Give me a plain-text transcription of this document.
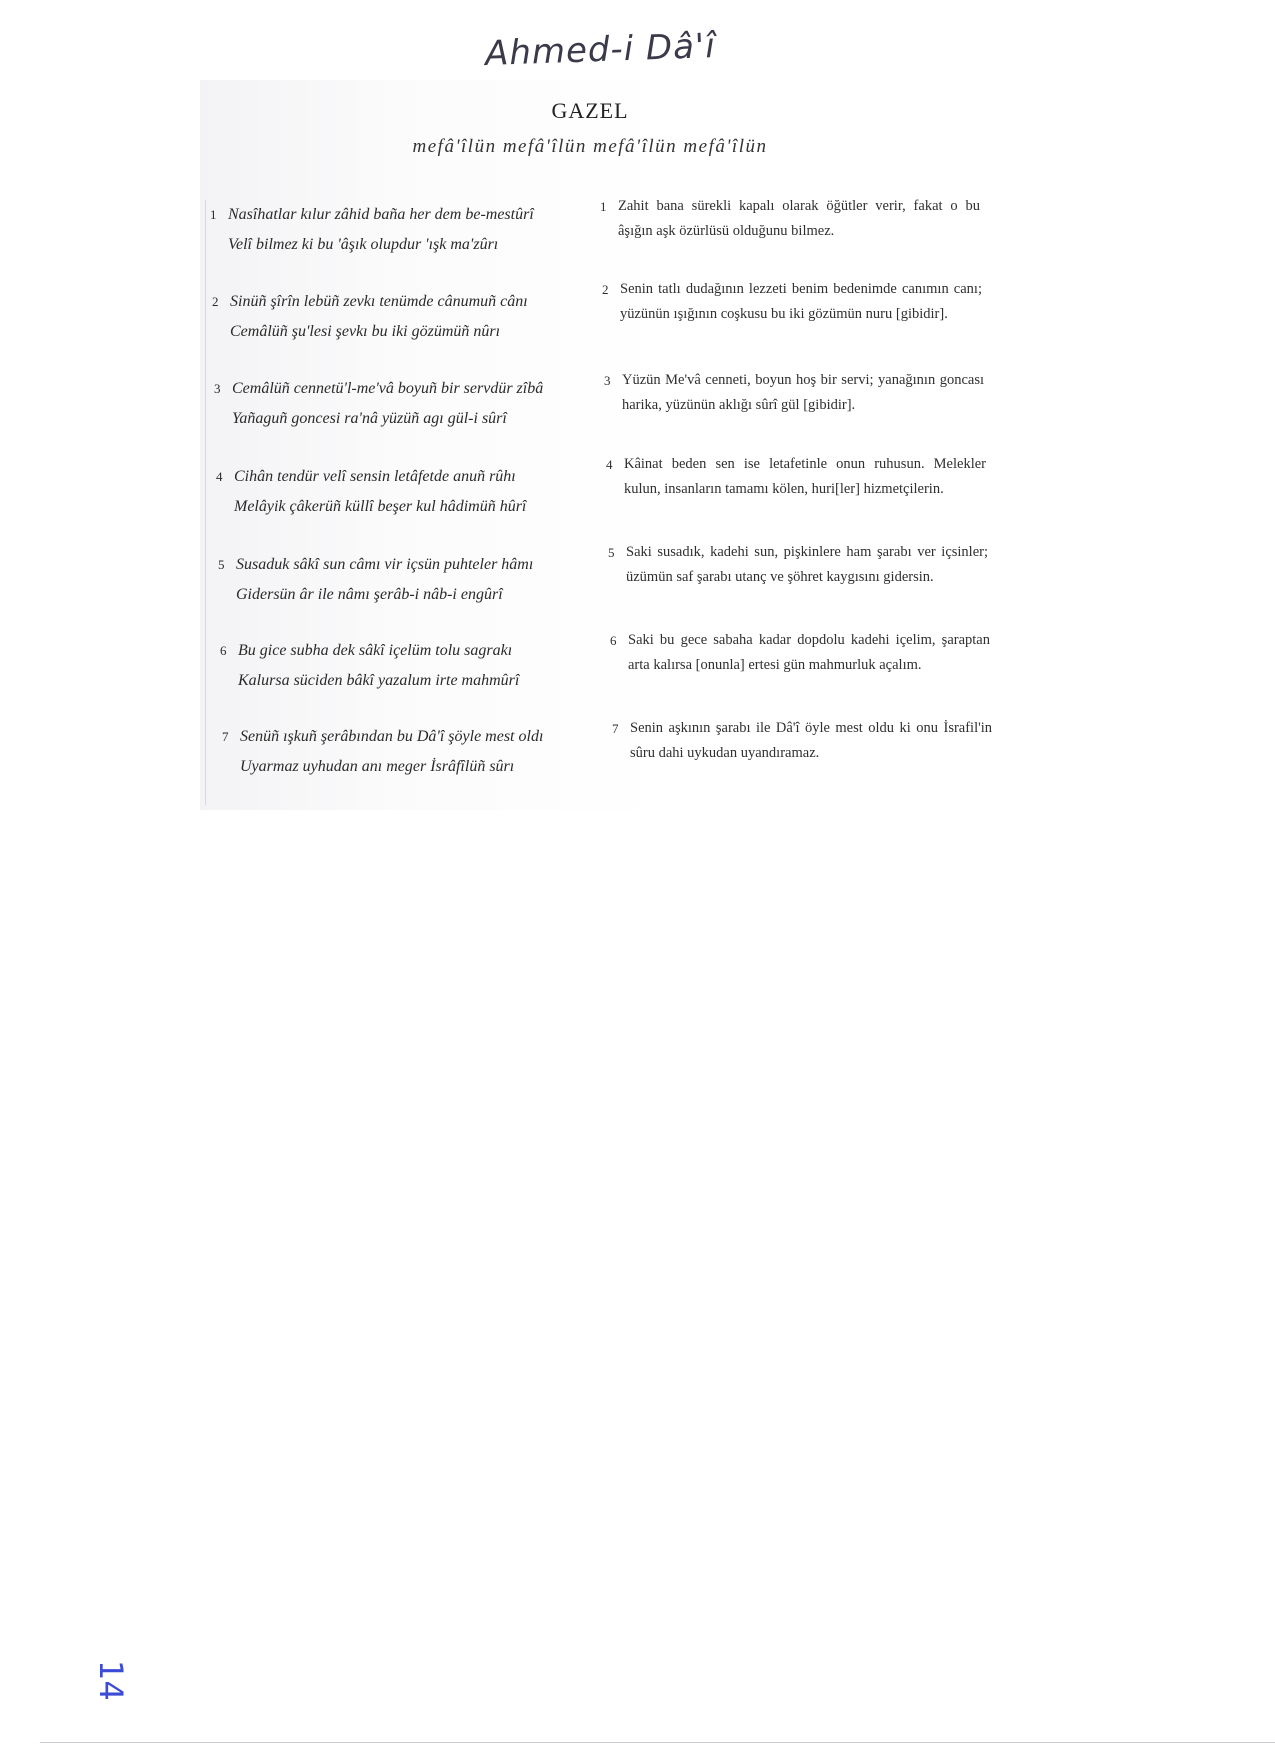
Ahmed-i Dâ'î
GAZEL
mefâ'îlün mefâ'îlün mefâ'îlün mefâ'îlün
1 Nasîhatlar kılur zâhid baña her dem be-mestûrî
Velî bilmez ki bu 'âşık olupdur 'ışk ma'zûrı
1 Zahit bana sürekli kapalı olarak öğütler verir, fakat o bu âşığın aşk özürlüsü olduğunu bilmez.
2 Sinüñ şîrîn lebüñ zevkı tenümde cânumuñ cânı
Cemâlüñ şu'lesi şevkı bu iki gözümüñ nûrı
2 Senin tatlı dudağının lezzeti benim bedenimde canımın canı; yüzünün ışığının coşkusu bu iki gözümün nuru [gibidir].
3 Cemâlüñ cennetü'l-me'vâ boyuñ bir servdür zîbâ
Yañaguñ goncesi ra'nâ yüzüñ agı gül-i sûrî
3 Yüzün Me'vâ cenneti, boyun hoş bir servi; yanağının goncası harika, yüzünün aklığı sûrî gül [gibidir].
4 Cihân tendür velî sensin letâfetde anuñ rûhı
Melâyik çâkerüñ küllî beşer kul hâdimüñ hûrî
4 Kâinat beden sen ise letafetinle onun ruhusun. Melekler kulun, insanların tamamı kölen, huri[ler] hizmetçilerin.
5 Susaduk sâkî sun câmı vir içsün puhteler hâmı
Gidersün âr ile nâmı şerâb-i nâb-i engûrî
5 Saki susadık, kadehi sun, pişkinlere ham şarabı ver içsinler; üzümün saf şarabı utanç ve şöhret kaygısını gidersin.
6 Bu gice subha dek sâkî içelüm tolu sagrakı
Kalursa süciden bâkî yazalum irte mahmûrî
6 Saki bu gece sabaha kadar dopdolu kadehi içelim, şaraptan arta kalırsa [onunla] ertesi gün mahmurluk açalım.
7 Senüñ ışkuñ şerâbından bu Dâ'î şöyle mest oldı
Uyarmaz uyhudan anı meger İsrâfîlüñ sûrı
7 Senin aşkının şarabı ile Dâ'î öyle mest oldu ki onu İsrafil'in sûru dahi uykudan uyandıramaz.
14
